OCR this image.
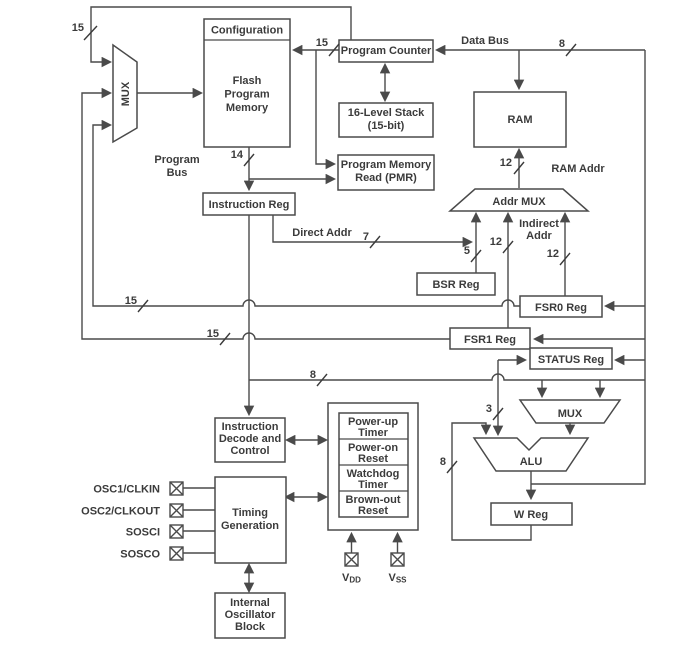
Configuration
Flash
Program
Memory
MUX
Program Counter
16-Level Stack
(15-bit)	RAM
Program Memory
Read (PMR)
Instruction Reg	Addr MUX
BSR Reg
FSR0 Reg
FSR1 Reg
STATUS Reg
MUX
ALU
W Reg
Instruction
Decode and
Control
Timing
Generation
Internal
Oscillator
Block
Power-up
Timer
Power-on
Reset
Watchdog
Timer
Brown-out
Reset
OSC1/CLKIN
OSC2/CLKOUT
SOSCI
SOSCO
VDD	VSS
Data Bus
Program
Bus	RAM Addr
Direct Addr
Indirect
Addr
15
15	8
14
12
7
5
12
12
15
15
8
3
8
